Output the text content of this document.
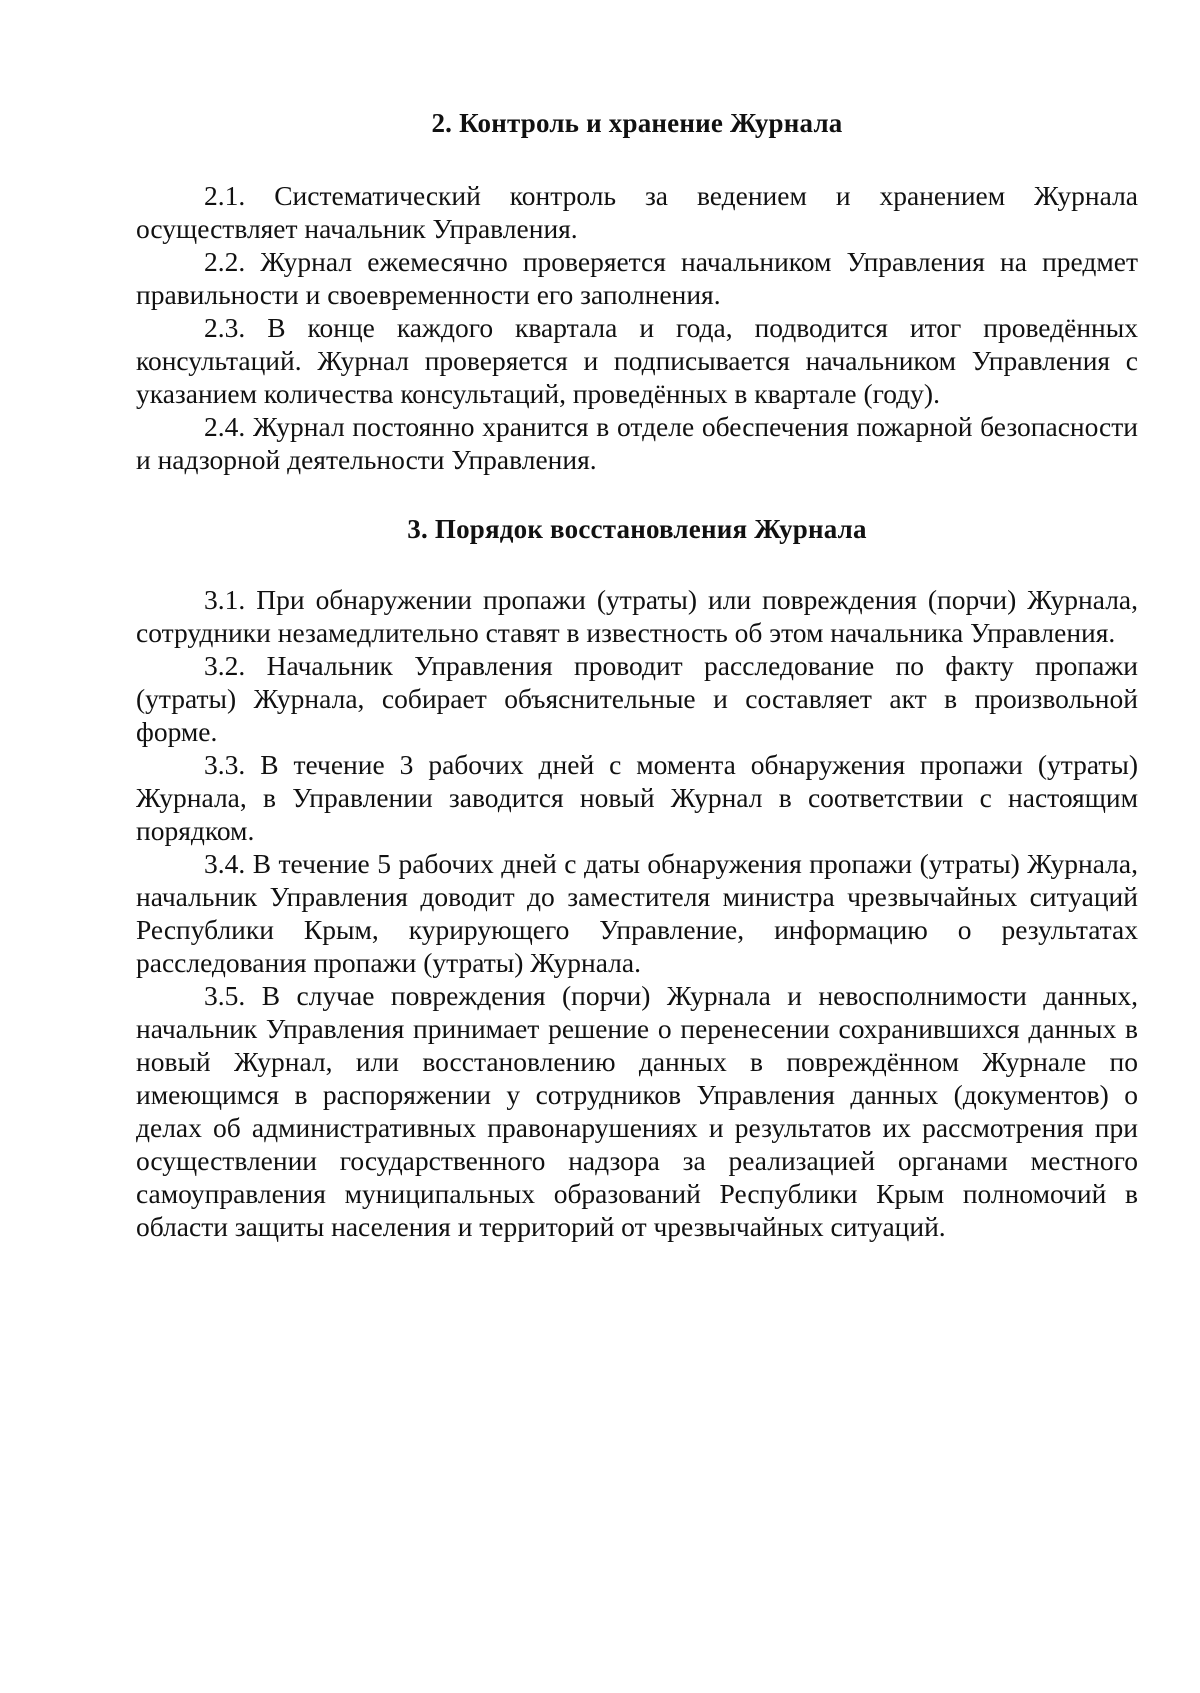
2. Контроль и хранение Журнала

2.1. Систематический контроль за ведением и хранением Журнала осуществляет начальник Управления.

2.2. Журнал ежемесячно проверяется начальником Управления на предмет правильности и своевременности его заполнения.

2.3. В конце каждого квартала и года, подводится итог проведённых консультаций. Журнал проверяется и подписывается начальником Управления с указанием количества консультаций, проведённых в квартале (году).

2.4. Журнал постоянно хранится в отделе обеспечения пожарной безопасности и надзорной деятельности Управления.

3. Порядок восстановления Журнала

3.1. При обнаружении пропажи (утраты) или повреждения (порчи) Журнала, сотрудники незамедлительно ставят в известность об этом начальника Управления.

3.2. Начальник Управления проводит расследование по факту пропажи (утраты) Журнала, собирает объяснительные и составляет акт в произвольной форме.

3.3. В течение 3 рабочих дней с момента обнаружения пропажи (утраты) Журнала, в Управлении заводится новый Журнал в соответствии с настоящим порядком.

3.4. В течение 5 рабочих дней с даты обнаружения пропажи (утраты) Журнала, начальник Управления доводит до заместителя министра чрезвычайных ситуаций Республики Крым, курирующего Управление, информацию о результатах расследования пропажи (утраты) Журнала.

3.5. В случае повреждения (порчи) Журнала и невосполнимости данных, начальник Управления принимает решение о перенесении сохранившихся данных в новый Журнал, или восстановлению данных в повреждённом Журнале по имеющимся в распоряжении у сотрудников Управления данных (документов) о делах об административных правонарушениях и результатов их рассмотрения при осуществлении государственного надзора за реализацией органами местного самоуправления муниципальных образований Республики Крым полномочий в области защиты населения и территорий от чрезвычайных ситуаций.
